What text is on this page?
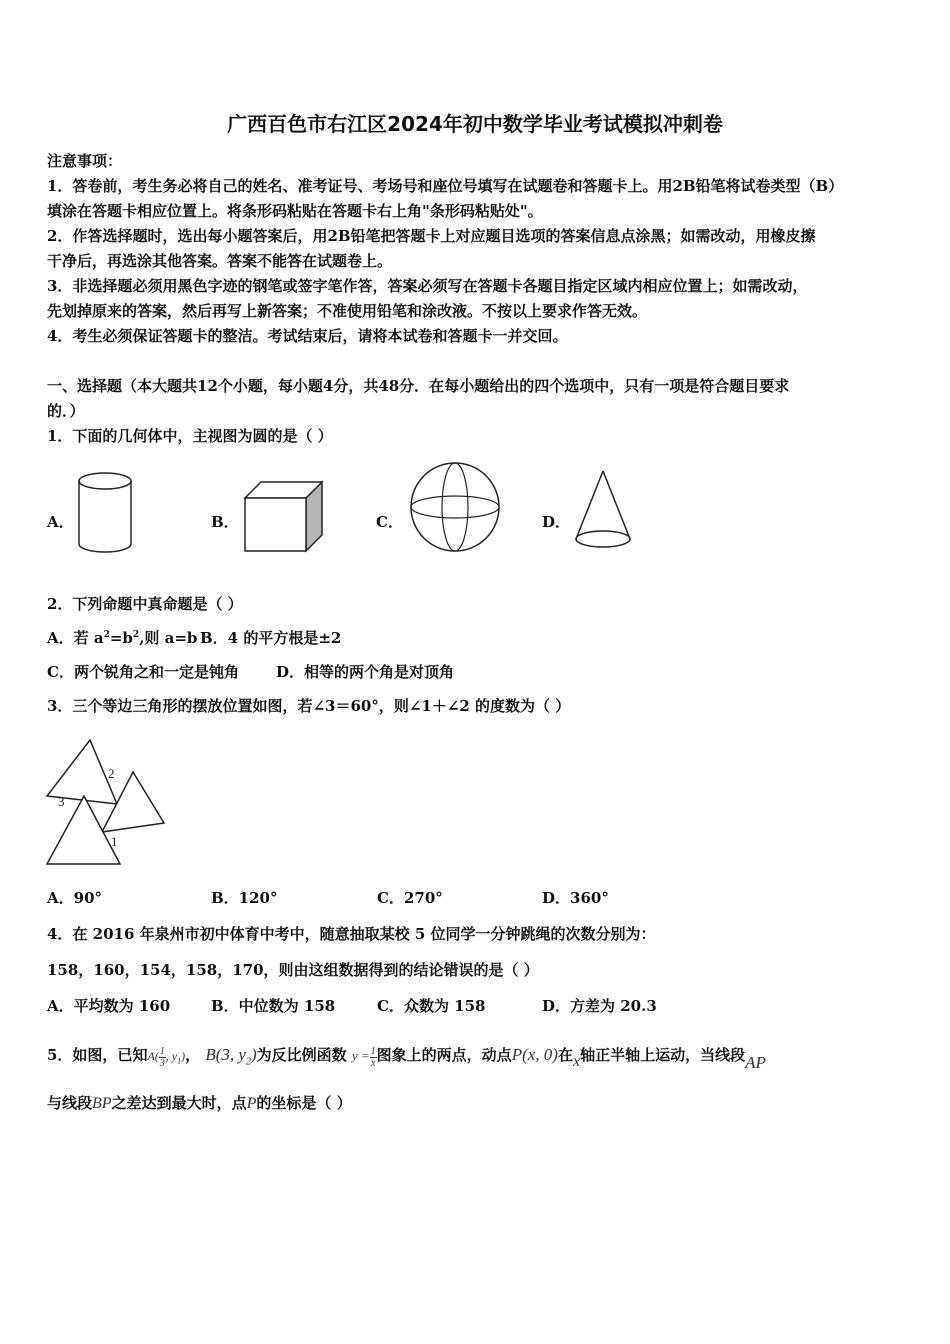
广西百色市右江区2024年初中数学毕业考试模拟冲刺卷
注意事项：
1．答卷前，考生务必将自己的姓名、准考证号、考场号和座位号填写在试题卷和答题卡上。用2B铅笔将试卷类型（B）
填涂在答题卡相应位置上。将条形码粘贴在答题卡右上角"条形码粘贴处"。
2．作答选择题时，选出每小题答案后，用2B铅笔把答题卡上对应题目选项的答案信息点涂黑；如需改动，用橡皮擦
干净后，再选涂其他答案。答案不能答在试题卷上。
3．非选择题必须用黑色字迹的钢笔或签字笔作答，答案必须写在答题卡各题目指定区域内相应位置上；如需改动，
先划掉原来的答案，然后再写上新答案；不准使用铅笔和涂改液。不按以上要求作答无效。
4．考生必须保证答题卡的整洁。考试结束后，请将本试卷和答题卡一并交回。
一、选择题（本大题共12个小题，每小题4分，共48分．在每小题给出的四个选项中，只有一项是符合题目要求
的．）
1．下面的几何体中，主视图为圆的是（ ）
A．	B．	C．	D．
2．下列命题中真命题是（ ）
A．若 $a^2=b^2$,则 a=b B．4 的平方根是±2
C．两个锐角之和一定是钝角 D．相等的两个角是对顶角
3．三个等边三角形的摆放位置如图，若∠3＝60°，则∠1＋∠2 的度数为（ ）
2
3
1
A．90°	B．120°	C．270°	D．360°
4．在 2016 年泉州市初中体育中考中，随意抽取某校 5 位同学一分钟跳绳的次数分别为：
158，160，154，158，170，则由这组数据得到的结论错误的是（ ）
A．平均数为 160	B．中位数为 158	C．众数为 158	D．方差为 20.3
5．如图，已知$A( \frac{1}{3}$ , $y_1$)， B(3, $y_2$)为反比例函数 $y = \frac{1}{x}$ 图象上的两点，动点P(x, 0)在x轴正半轴上运动，当线段AP
与线段BP之差达到最大时，点P的坐标是（ ）
